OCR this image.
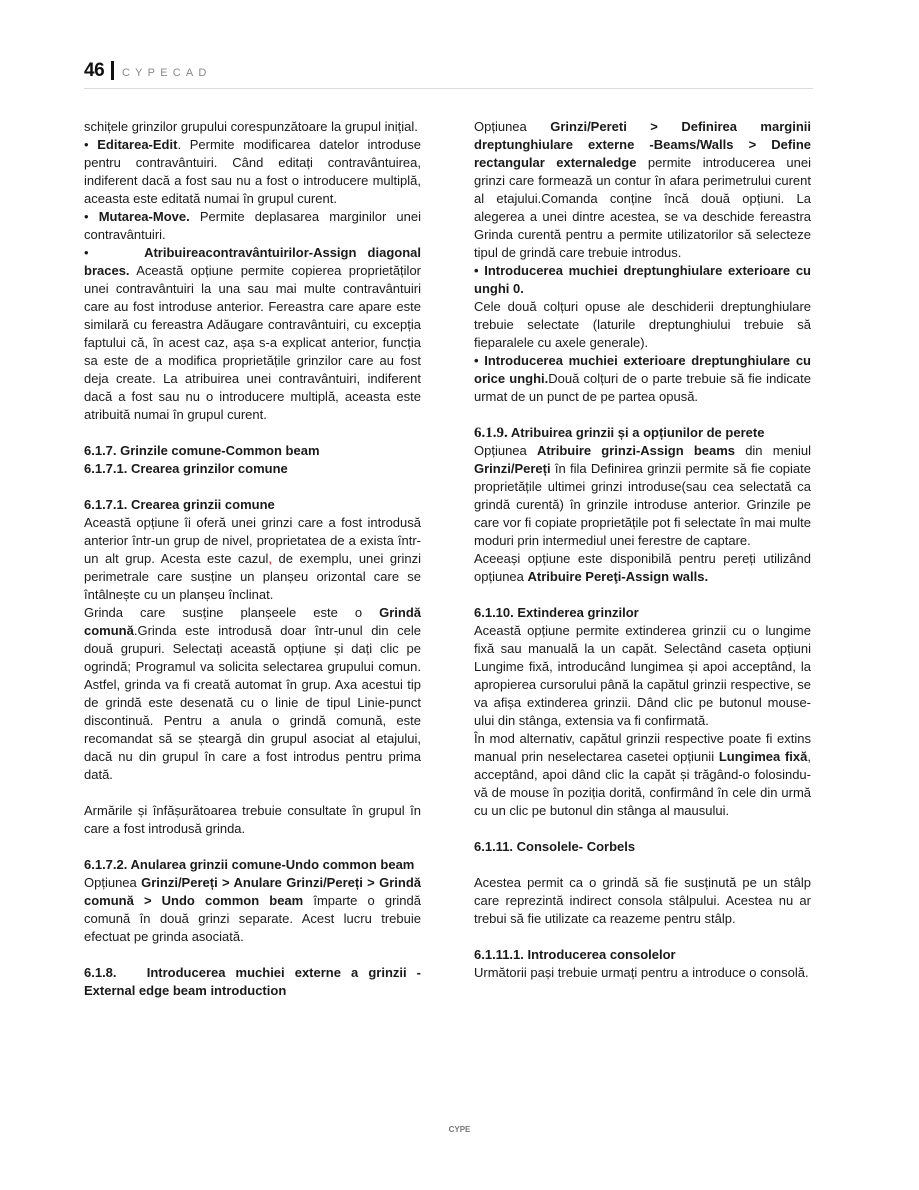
46 CYPECAD

schițele grinzilor grupului corespunzătoare la grupul inițial.

• Editarea-Edit. Permite modificarea datelor introduse pentru contravântuiri. Când editați contravântuirea, indiferent dacă a fost sau nu a fost o introducere multiplă, aceasta este editată numai în grupul curent.

• Mutarea-Move. Permite deplasarea marginilor unei contravântuiri.

•     Atribuireacontravântuirilor-Assign diagonal braces. Această opțiune permite copierea proprietăților unei contravântuiri la una sau mai multe contravântuiri care au fost introduse anterior. Fereastra care apare este similară cu fereastra Adăugare contravântuiri, cu excepția faptului că, în acest caz, așa s-a explicat anterior, funcția sa este de a modifica proprietățile grinzilor care au fost deja create. La atribuirea unei contravântuiri, indiferent dacă a fost sau nu o introducere multiplă, aceasta este atribuită numai în grupul curent.

6.1.7. Grinzile comune-Common beam

6.1.7.1. Crearea grinzilor comune

6.1.7.1. Crearea grinzii comune

Această opțiune îi oferă unei grinzi care a fost introdusă anterior într-un grup de nivel, proprietatea de a exista într-un alt grup. Acesta este cazul, de exemplu, unei grinzi perimetrale care susține un planșeu orizontal care se întâlnește cu un planșeu înclinat.

Grinda care susține planșeele este o Grindă comună.Grinda este introdusă doar într-unul din cele două grupuri. Selectați această opțiune și dați clic pe ogrindă; Programul va solicita selectarea grupului comun. Astfel, grinda va fi creată automat în grup. Axa acestui tip de grindă este desenată cu o linie de tipul Linie-punct discontinuă. Pentru a anula o grindă comună, este recomandat să se șteargă din grupul asociat al etajului, dacă nu din grupul în care a fost introdus pentru prima dată.

Armările și înfășurătoarea trebuie consultate în grupul în care a fost introdusă grinda.

6.1.7.2. Anularea grinzii comune-Undo common beam

Opțiunea Grinzi/Pereți > Anulare Grinzi/Pereți > Grindă comună > Undo common beam împarte o grindă comună în două grinzi separate. Acest lucru trebuie efectuat pe grinda asociată.

6.1.8.   Introducerea muchiei externe a grinzii - External edge beam introduction

Opțiunea Grinzi/Pereti > Definirea marginii dreptunghiulare externe -Beams/Walls > Define rectangular externaledge permite introducerea unei grinzi care formează un contur în afara perimetrului curent al etajului.Comanda conține încă două opțiuni. La alegerea a unei dintre acestea, se va deschide fereastra Grinda curentă pentru a permite utilizatorilor să selecteze tipul de grindă care trebuie introdus.

• Introducerea muchiei dreptunghiulare exterioare cu unghi 0.

Cele două colțuri opuse ale deschiderii dreptunghiulare trebuie selectate (laturile dreptunghiului trebuie să fieparalele cu axele generale).

• Introducerea muchiei exterioare dreptunghiulare cu orice unghi.Două colțuri de o parte trebuie să fie indicate urmat de un punct de pe partea opusă.

6.1.9. Atribuirea grinzii și a opțiunilor de perete

Opțiunea Atribuire grinzi-Assign beams din meniul Grinzi/Pereți în fila Definirea grinzii permite să fie copiate proprietățile ultimei grinzi introduse(sau cea selectată ca grindă curentă) în grinzile introduse anterior. Grinzile pe care vor fi copiate proprietățile pot fi selectate în mai multe moduri prin intermediul unei ferestre de captare.

Aceeași opțiune este disponibilă pentru pereți utilizând opțiunea Atribuire Pereţi-Assign walls.

6.1.10. Extinderea grinzilor

Această opțiune permite extinderea grinzii cu o lungime fixă sau manuală la un capăt. Selectând caseta opțiuni Lungime fixă, introducând lungimea și apoi acceptând, la apropierea cursorului până la capătul grinzii respective, se va afișa extinderea grinzii. Dând clic pe butonul mouse-ului din stânga, extensia va fi confirmată.

În mod alternativ, capătul grinzii respective poate fi extins manual prin neselectarea casetei opțiunii Lungimea fixă, acceptând, apoi dând clic la capăt și trăgând-o folosindu-vă de mouse în poziția dorită, confirmând în cele din urmă cu un clic pe butonul din stânga al mausului.

6.1.11. Consolele- Corbels

Acestea permit ca o grindă să fie susținută pe un stâlp care reprezintă indirect consola stâlpului. Acestea nu ar trebui să fie utilizate ca reazeme pentru stâlp.

6.1.11.1. Introducerea consolelor

Următorii pași trebuie urmați pentru a introduce o consolă.

CYPE
